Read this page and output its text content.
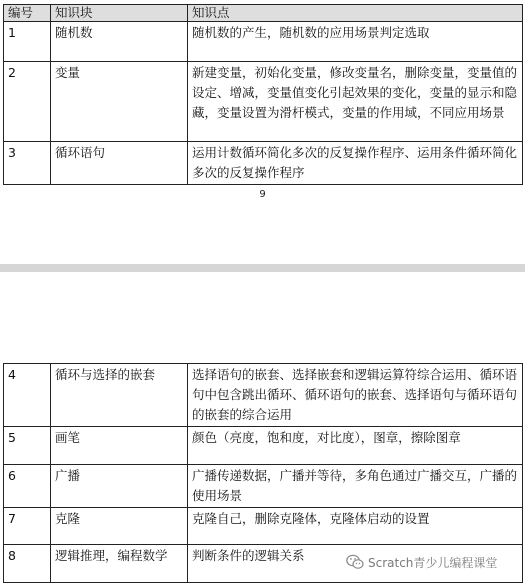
编号	知识块	知识点
1	随机数	随机数的产生，随机数的应用场景判定选取
2	变量	新建变量，初始化变量，修改变量名，删除变量，变量值的设定、增减，变量值变化引起效果的变化，变量的显示和隐藏，变量设置为滑杆模式，变量的作用域，不同应用场景
3	循环语句	运用计数循环简化多次的反复操作程序、运用条件循环简化多次的反复操作程序
9
4	循环与选择的嵌套	选择语句的嵌套、选择嵌套和逻辑运算符综合运用、循环语句中包含跳出循环、循环语句的嵌套、选择语句与循环语句的嵌套的综合运用
5	画笔	颜色（亮度，饱和度，对比度），图章，擦除图章
6	广播	广播传递数据，广播并等待，多角色通过广播交互，广播的使用场景
7	克隆	克隆自己，删除克隆体，克隆体启动的设置
8	逻辑推理，编程数学	判断条件的逻辑关系	Scratch青少儿编程课堂
